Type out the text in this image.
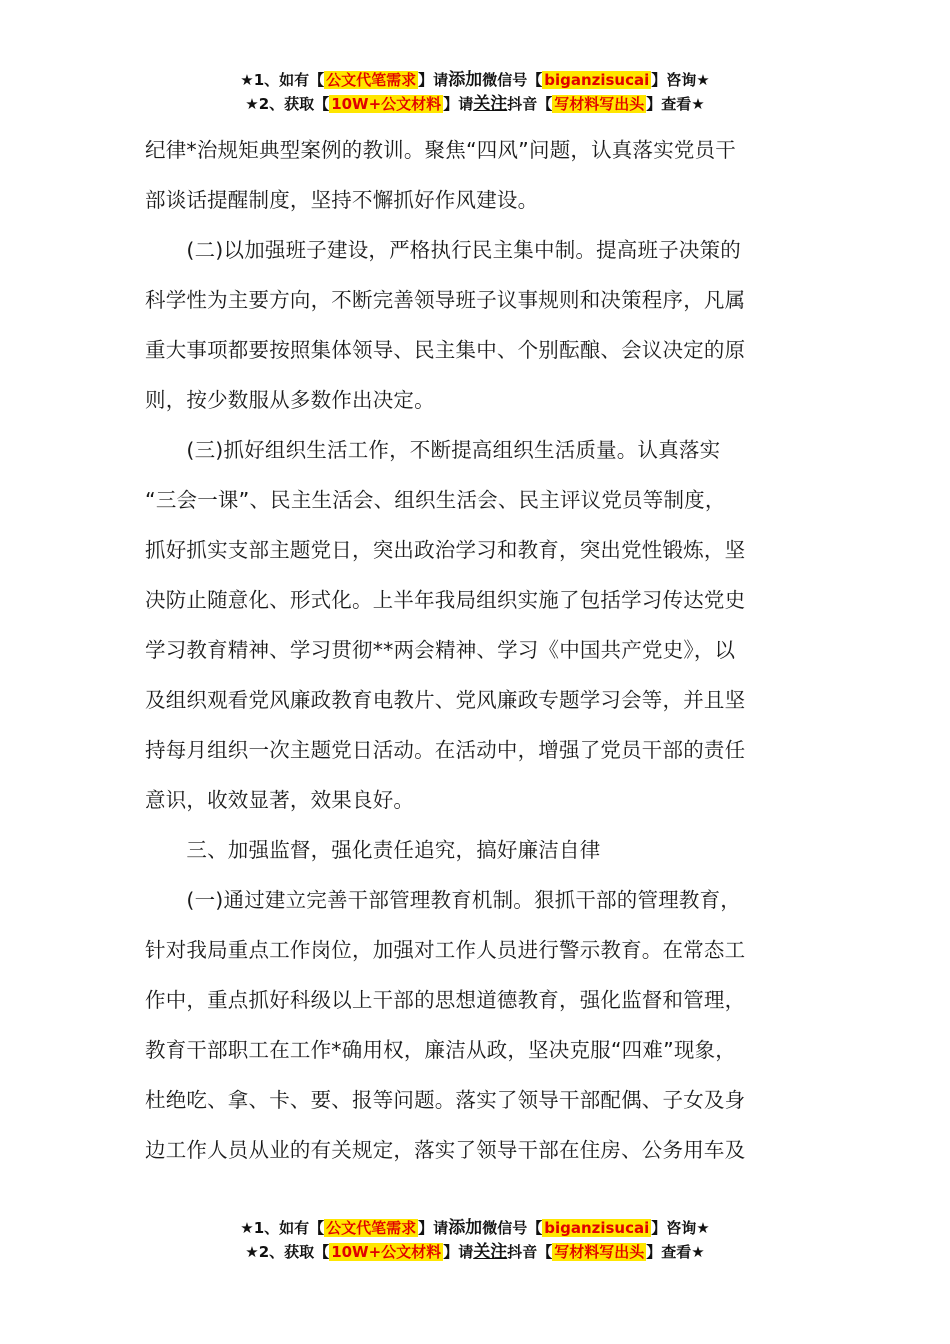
★1、如有【 公文代笔需求 】请添加微信号【 biganzisucai 】咨询★
★2、获取【 10W+公文材料 】请关注抖音【 写材料写出头 】查看★

纪律*治规矩典型案例的教训。聚焦“四风”问题，认真落实党员干

部谈话提醒制度，坚持不懈抓好作风建设。

　　(二)以加强班子建设，严格执行民主集中制。提高班子决策的

科学性为主要方向，不断完善领导班子议事规则和决策程序，凡属

重大事项都要按照集体领导、民主集中、个别酝酿、会议决定的原

则，按少数服从多数作出决定。

　　(三)抓好组织生活工作，不断提高组织生活质量。认真落实

“三会一课”、民主生活会、组织生活会、民主评议党员等制度，

抓好抓实支部主题党日，突出政治学习和教育，突出党性锻炼，坚

决防止随意化、形式化。上半年我局组织实施了包括学习传达党史

学习教育精神、学习贯彻**两会精神、学习《中国共产党史》，以

及组织观看党风廉政教育电教片、党风廉政专题学习会等，并且坚

持每月组织一次主题党日活动。在活动中，增强了党员干部的责任

意识，收效显著，效果良好。

　　三、加强监督，强化责任追究，搞好廉洁自律

　　(一)通过建立完善干部管理教育机制。狠抓干部的管理教育，

针对我局重点工作岗位，加强对工作人员进行警示教育。在常态工

作中，重点抓好科级以上干部的思想道德教育，强化监督和管理，

教育干部职工在工作*确用权，廉洁从政，坚决克服“四难”现象，

杜绝吃、拿、卡、要、报等问题。落实了领导干部配偶、子女及身

边工作人员从业的有关规定，落实了领导干部在住房、公务用车及

★1、如有【 公文代笔需求 】请添加微信号【 biganzisucai 】咨询★
★2、获取【 10W+公文材料 】请关注抖音【 写材料写出头 】查看★
